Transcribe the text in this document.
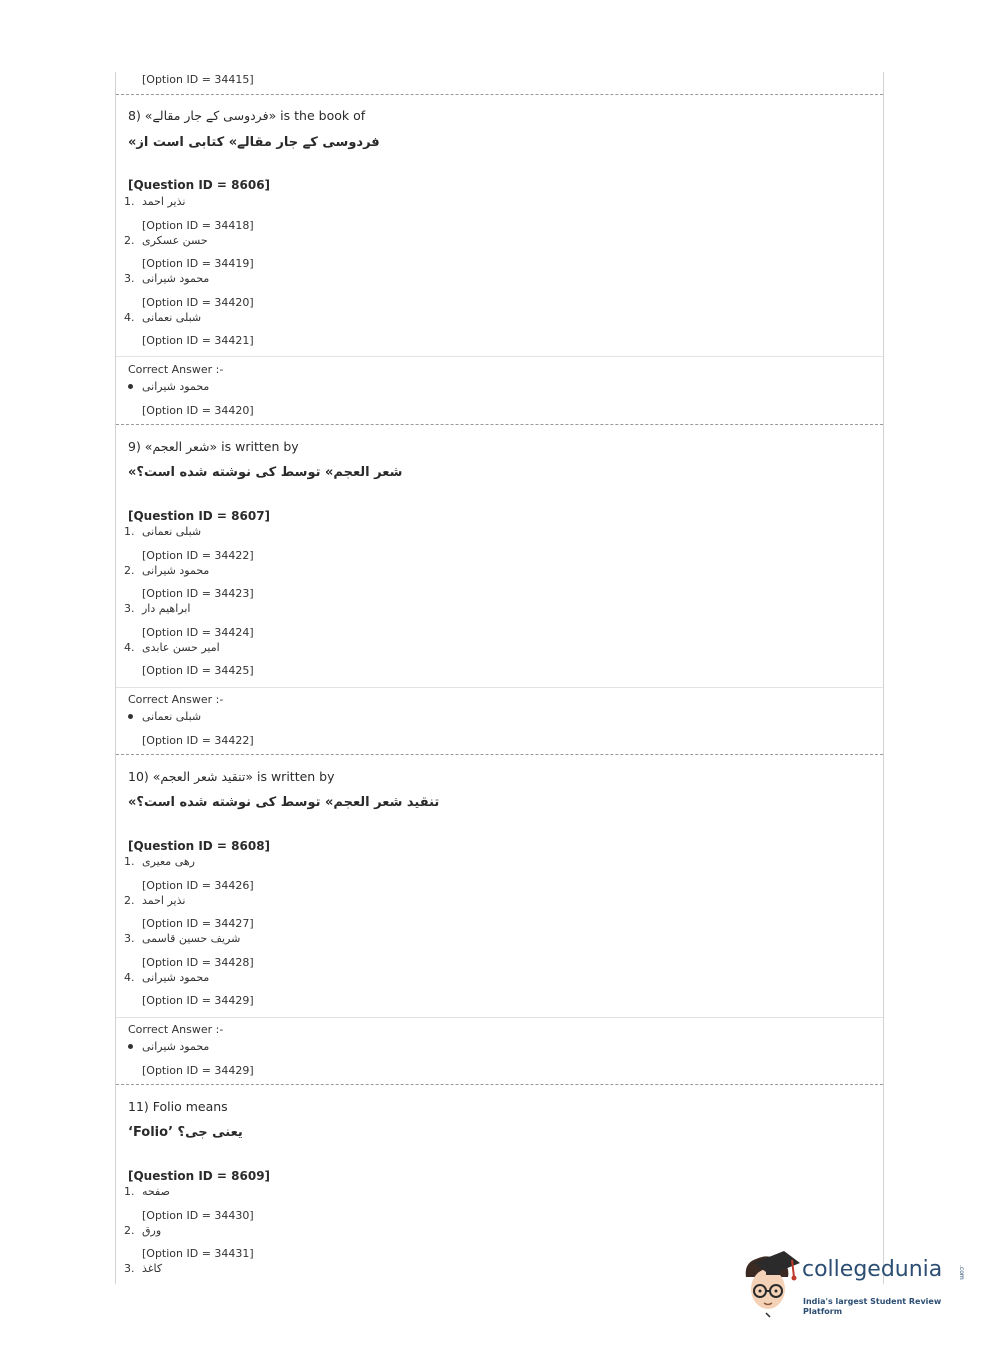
[Option ID = 34415]
8) «فردوسی کے جار مقالے» is the book of
«فردوسی کے جار مقالے» کتابی است از
[Question ID = 8606]
1. نذیر احمد
[Option ID = 34418]
2. حسن عسکری
[Option ID = 34419]
3. محمود شیرانی
[Option ID = 34420]
4. شبلی نعمانی
[Option ID = 34421]
Correct Answer :-
محمود شیرانی
[Option ID = 34420]
9) «شعر العجم» is written by
«شعر العجم» توسط کی نوشته شده است؟
[Question ID = 8607]
1. شبلی نعمانی
[Option ID = 34422]
2. محمود شیرانی
[Option ID = 34423]
3. ابراهیم دار
[Option ID = 34424]
4. امیر حسن عابدی
[Option ID = 34425]
Correct Answer :-
شبلی نعمانی
[Option ID = 34422]
10) «تنقید شعر العجم» is written by
«تنقید شعر العجم» توسط کی نوشته شده است؟
[Question ID = 8608]
1. رهی معیری
[Option ID = 34426]
2. نذیر احمد
[Option ID = 34427]
3. شریف حسین قاسمی
[Option ID = 34428]
4. محمود شیرانی
[Option ID = 34429]
Correct Answer :-
محمود شیرانی
[Option ID = 34429]
11) Folio means
‘Folio’ یعنی جی؟
[Question ID = 8609]
1. صفحه
[Option ID = 34430]
2. ورق
[Option ID = 34431]
3. کاغذ	collegedunia	.com
India's largest Student Review Platform
